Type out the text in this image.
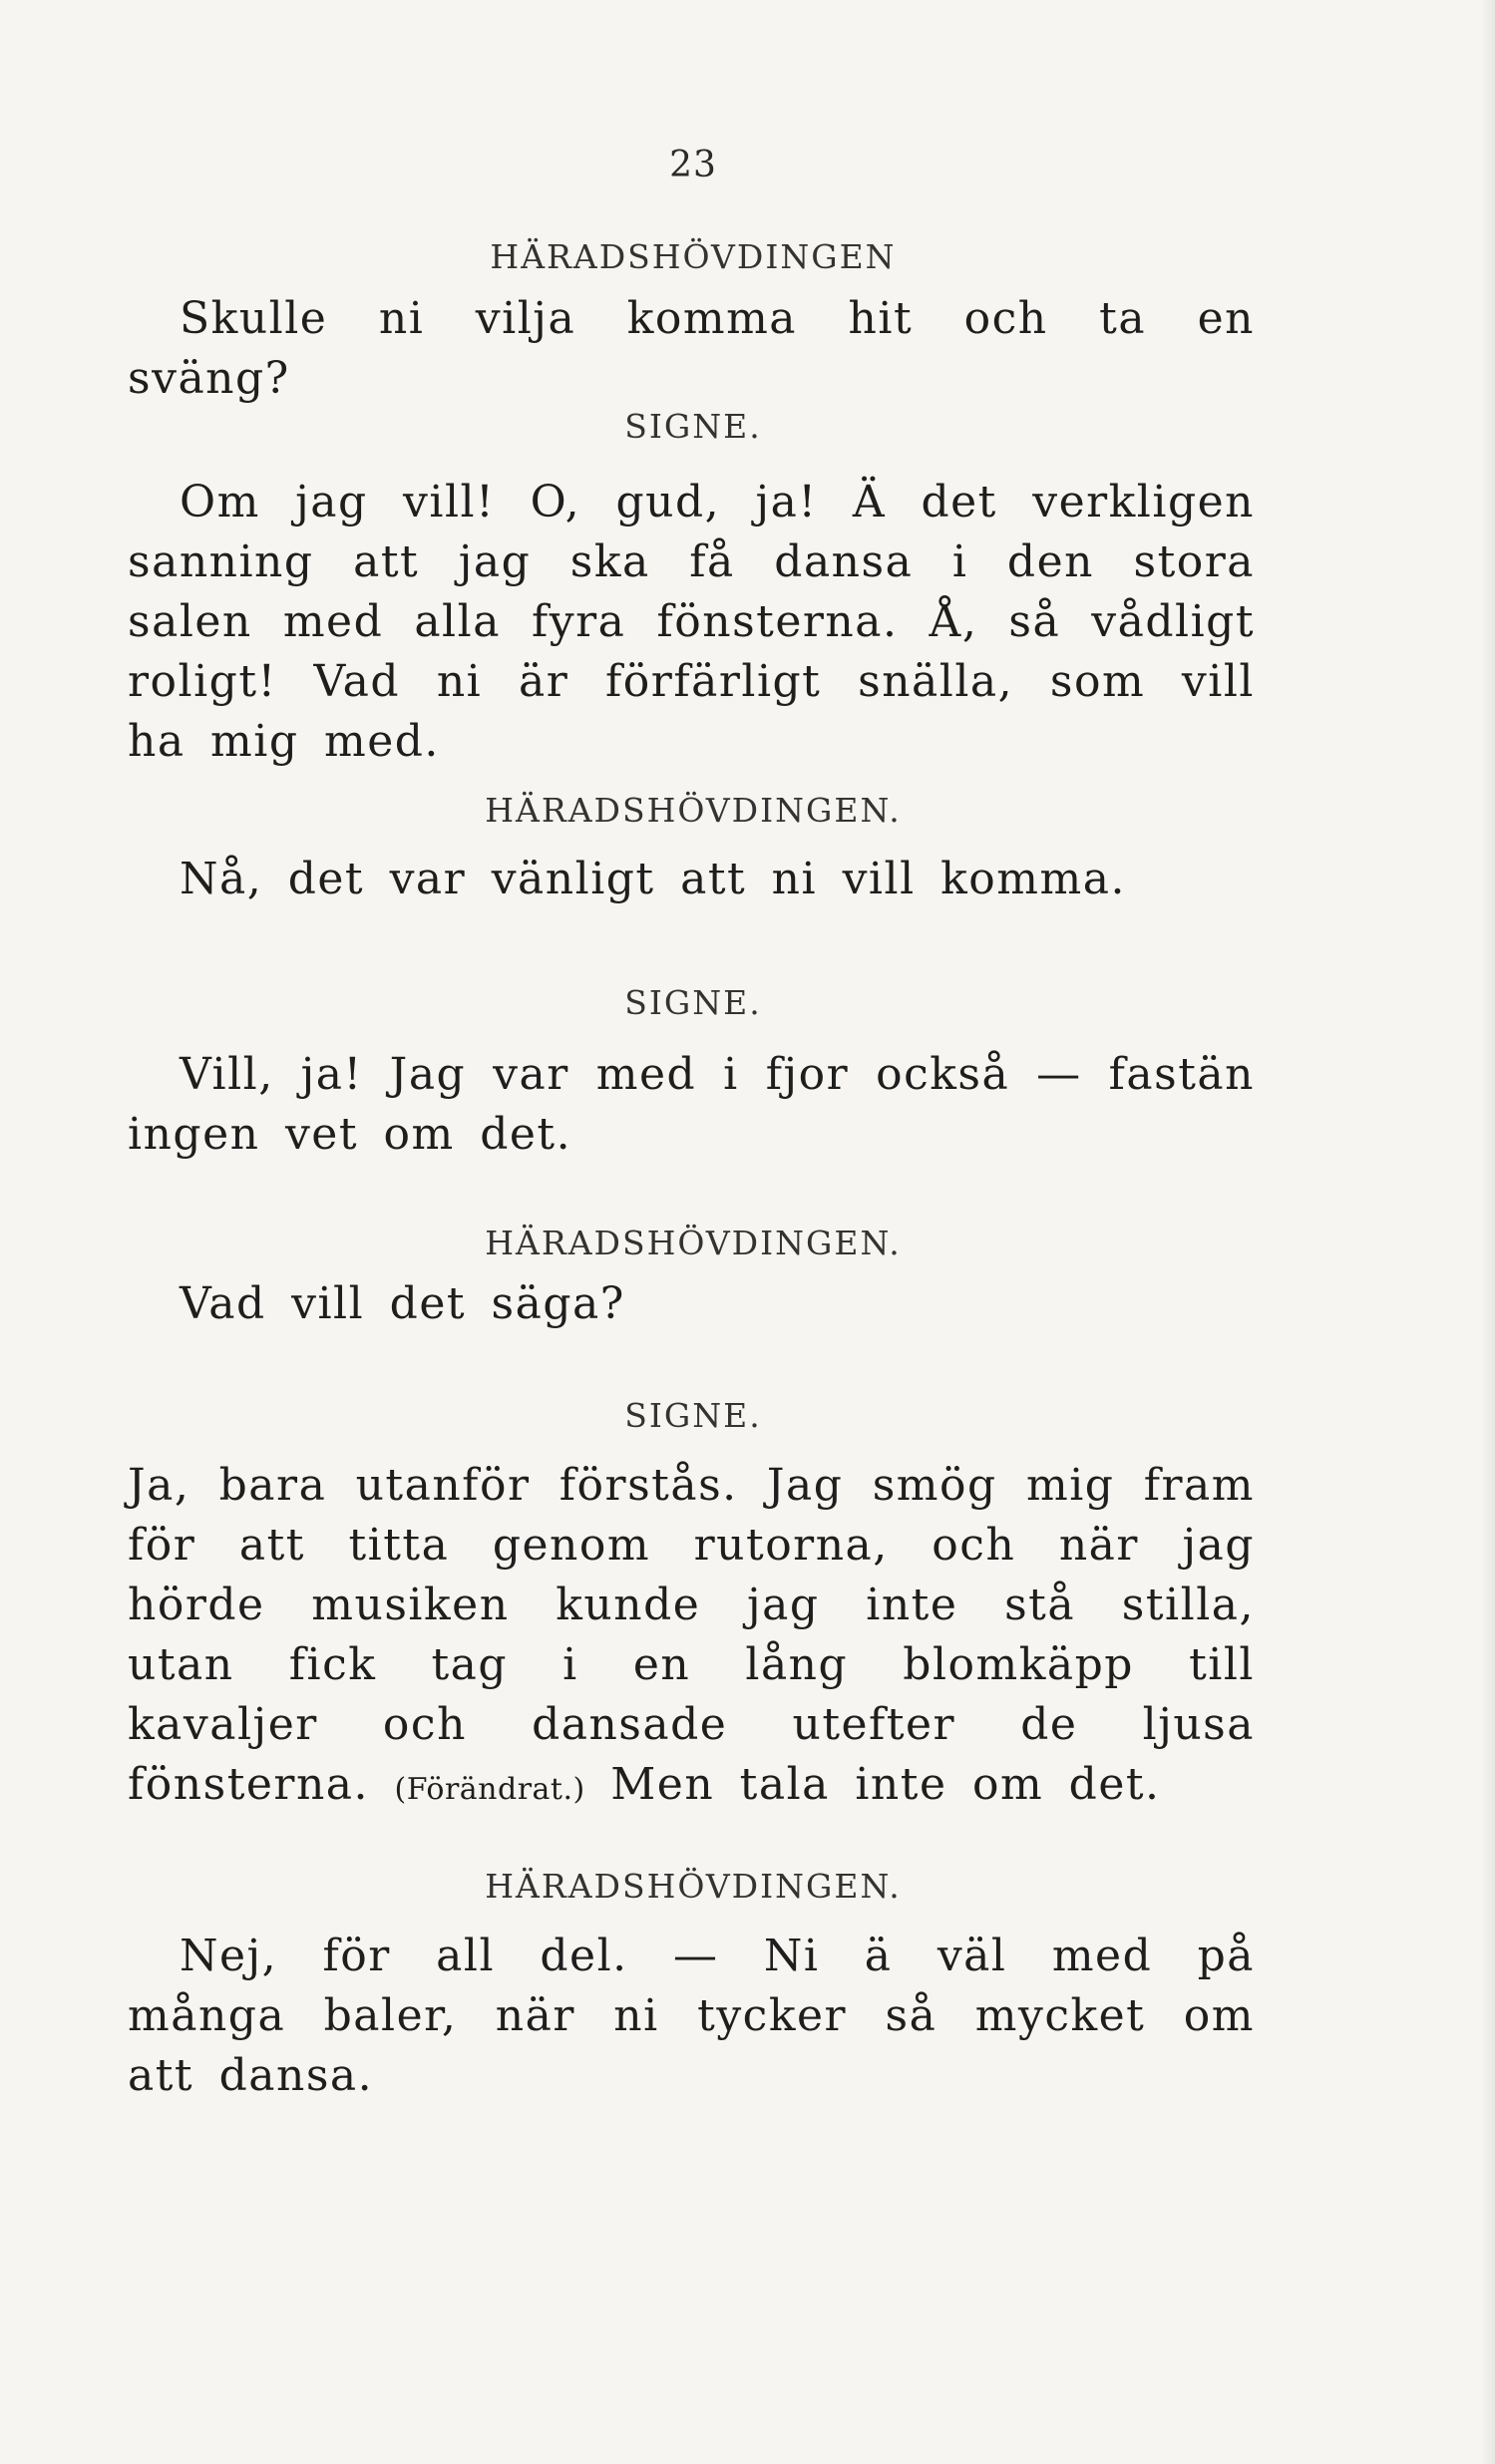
23
HÄRADSHÖVDINGEN
Skulle ni vilja komma hit och ta en sväng?
SIGNE.
Om jag vill! O, gud, ja! Ä det verkligen sanning att jag ska få dansa i den stora salen med alla fyra fönsterna. Å, så vådligt roligt! Vad ni är förfärligt snälla, som vill ha mig med.
HÄRADSHÖVDINGEN.
Nå, det var vänligt att ni vill komma.
SIGNE.
Vill, ja! Jag var med i fjor också — fastän ingen vet om det.
HÄRADSHÖVDINGEN.
Vad vill det säga?
SIGNE.
Ja, bara utanför förstås. Jag smög mig fram för att titta genom rutorna, och när jag hörde musiken kunde jag inte stå stilla, utan fick tag i en lång blomkäpp till kavaljer och dansade utefter de ljusa fönsterna. (Förändrat.) Men tala inte om det.
HÄRADSHÖVDINGEN.
Nej, för all del. — Ni ä väl med på många baler, när ni tycker så mycket om att dansa.
